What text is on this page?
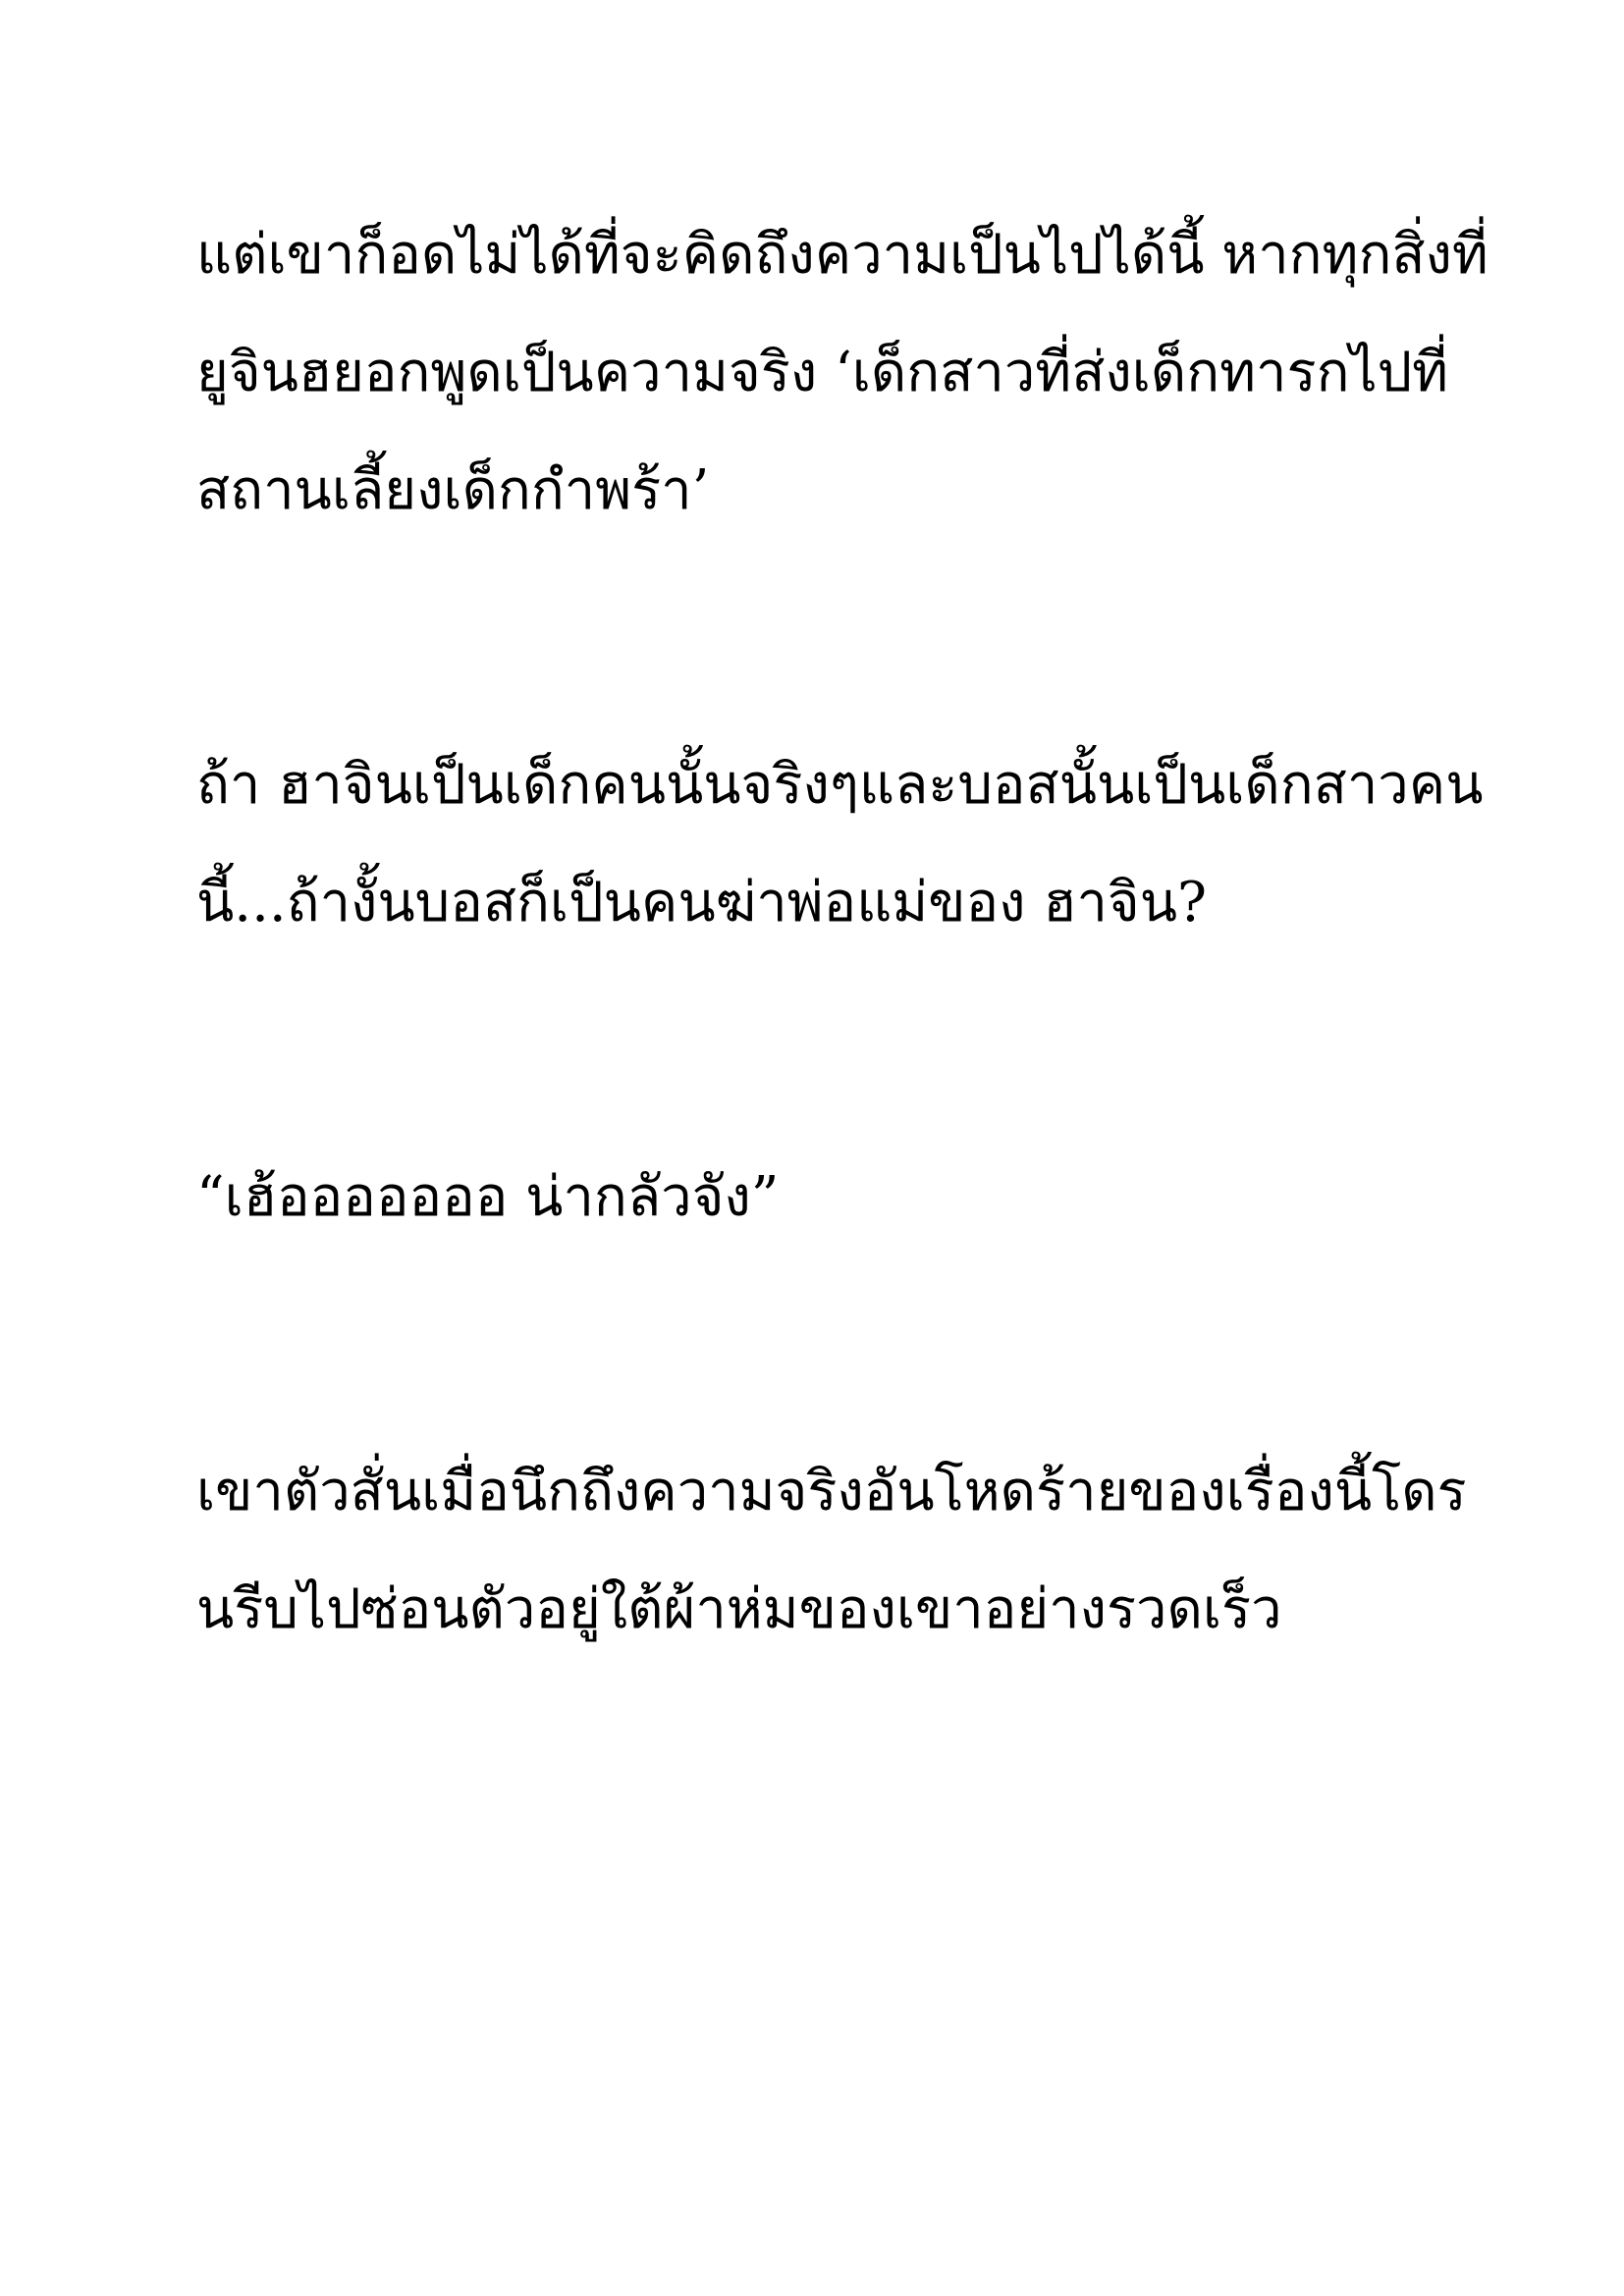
แต่เขาก็อดไม่ได้ที่จะคิดถึงความเป็นไปได้นี้ หากทุกสิ่งที่

ยูจินฮยอกพูดเป็นความจริง ‘เด็กสาวที่ส่งเด็กทารกไปที่

สถานเลี้ยงเด็กกำพร้า’

ถ้า ฮาจินเป็นเด็กคนนั้นจริงๆและบอสนั้นเป็นเด็กสาวคน

นี้...ถ้างั้นบอสก็เป็นคนฆ่าพ่อแม่ของ ฮาจิน?

“เฮ้อออออออ น่ากลัวจัง”

เขาตัวสั่นเมื่อนึกถึงความจริงอันโหดร้ายของเรื่องนี้โดร

นรีบไปซ่อนตัวอยู่ใต้ผ้าห่มของเขาอย่างรวดเร็ว
